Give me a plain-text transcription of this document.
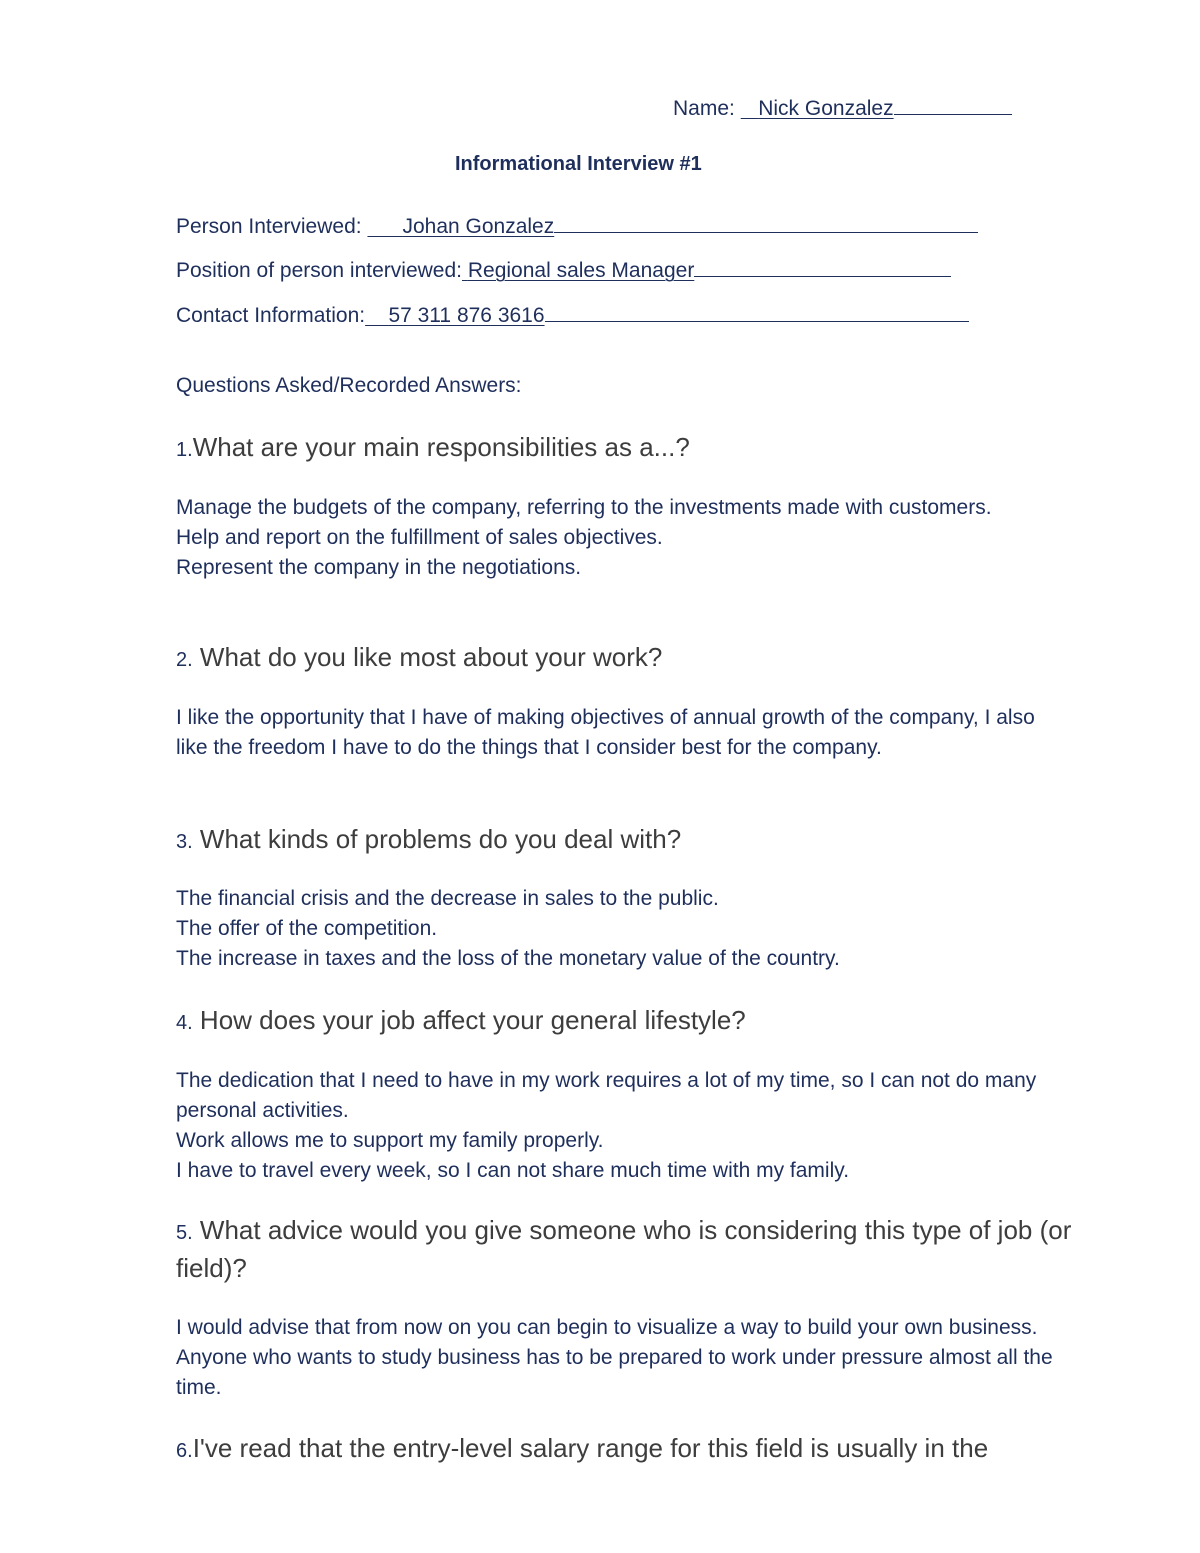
Name: Nick Gonzalez
Informational Interview #1
Person Interviewed: Johan Gonzalez
Position of person interviewed: Regional sales Manager
Contact Information: 57 311 876 3616
Questions Asked/Recorded Answers:
1.What are your main responsibilities as a...?

Manage the budgets of the company, referring to the investments made with customers.

Help and report on the fulfillment of sales objectives.

Represent the company in the negotiations.

2. What do you like most about your work?

I like the opportunity that I have of making objectives of annual growth of the company, I also like the freedom I have to do the things that I consider best for the company.

3. What kinds of problems do you deal with?

The financial crisis and the decrease in sales to the public.

The offer of the competition.

The increase in taxes and the loss of the monetary value of the country.

4. How does your job affect your general lifestyle?

The dedication that I need to have in my work requires a lot of my time, so I can not do many personal activities.

Work allows me to support my family properly.

I have to travel every week, so I can not share much time with my family.

5. What advice would you give someone who is considering this type of job (or field)?

I would advise that from now on you can begin to visualize a way to build your own business. Anyone who wants to study business has to be prepared to work under pressure almost all the time.

6.I've read that the entry-level salary range for this field is usually in the
